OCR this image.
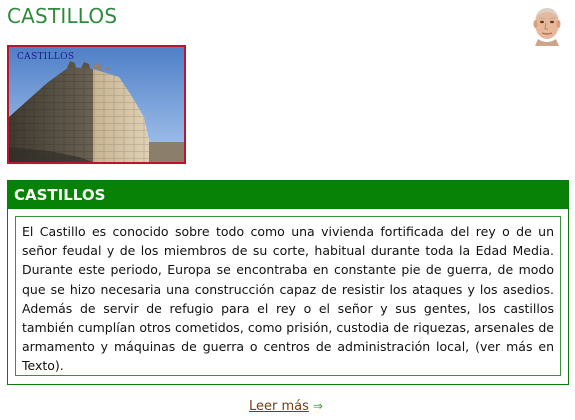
CASTILLOS
CASTILLOS
CASTILLOS
El Castillo es conocido sobre todo como una vivienda fortificada del rey o de un señor feudal y de los miembros de su corte, habitual durante toda la Edad Media. Durante este periodo, Europa se encontraba en constante pie de guerra, de modo que se hizo necesaria una construcción capaz de resistir los ataques y los asedios. Además de servir de refugio para el rey o el señor y sus gentes, los castillos también cumplían otros cometidos, como prisión, custodia de riquezas, arsenales de armamento y máquinas de guerra o centros de administración local, (ver más en Texto).
Leer más ⇒
